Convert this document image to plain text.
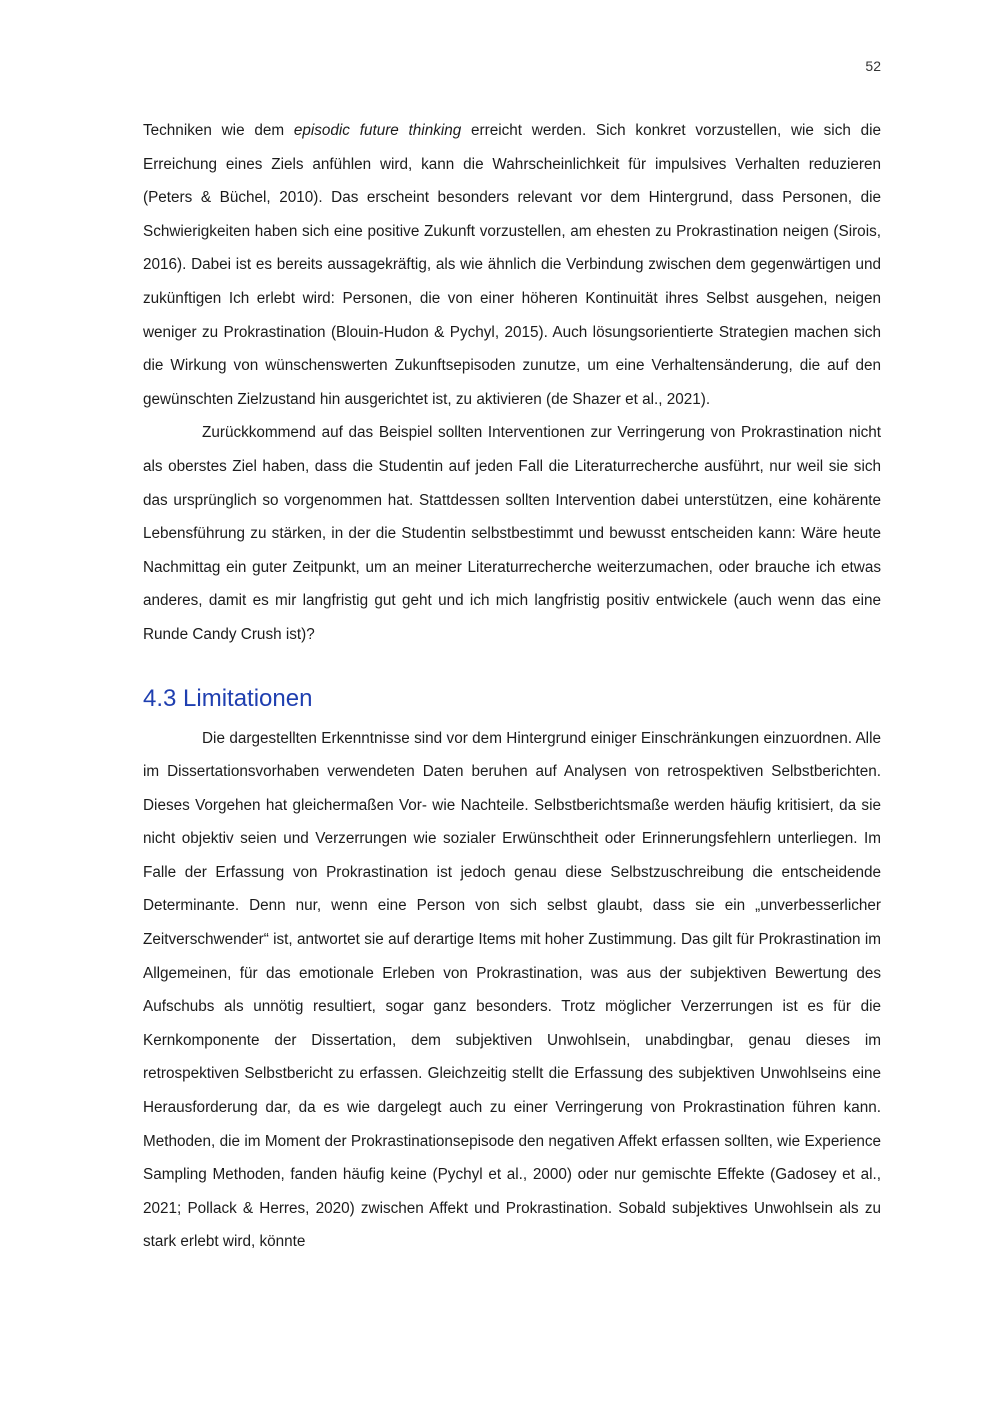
52

Techniken wie dem episodic future thinking erreicht werden. Sich konkret vorzustellen, wie sich die Erreichung eines Ziels anfühlen wird, kann die Wahrscheinlichkeit für impulsives Verhalten reduzieren (Peters & Büchel, 2010). Das erscheint besonders relevant vor dem Hintergrund, dass Personen, die Schwierigkeiten haben sich eine positive Zukunft vorzustellen, am ehesten zu Prokrastination neigen (Sirois, 2016). Dabei ist es bereits aussagekräftig, als wie ähnlich die Verbindung zwischen dem gegenwärtigen und zukünftigen Ich erlebt wird: Personen, die von einer höheren Kontinuität ihres Selbst ausgehen, neigen weniger zu Prokrastination (Blouin-Hudon & Pychyl, 2015). Auch lösungsorientierte Strategien machen sich die Wirkung von wünschenswerten Zukunftsepisoden zunutze, um eine Verhaltensänderung, die auf den gewünschten Zielzustand hin ausgerichtet ist, zu aktivieren (de Shazer et al., 2021).

Zurückkommend auf das Beispiel sollten Interventionen zur Verringerung von Prokrastination nicht als oberstes Ziel haben, dass die Studentin auf jeden Fall die Literaturrecherche ausführt, nur weil sie sich das ursprünglich so vorgenommen hat. Stattdessen sollten Intervention dabei unterstützen, eine kohärente Lebensführung zu stärken, in der die Studentin selbstbestimmt und bewusst entscheiden kann: Wäre heute Nachmittag ein guter Zeitpunkt, um an meiner Literaturrecherche weiterzumachen, oder brauche ich etwas anderes, damit es mir langfristig gut geht und ich mich langfristig positiv entwickele (auch wenn das eine Runde Candy Crush ist)?

4.3 Limitationen

Die dargestellten Erkenntnisse sind vor dem Hintergrund einiger Einschränkungen einzuordnen. Alle im Dissertationsvorhaben verwendeten Daten beruhen auf Analysen von retrospektiven Selbstberichten. Dieses Vorgehen hat gleichermaßen Vor- wie Nachteile. Selbstberichtsmaße werden häufig kritisiert, da sie nicht objektiv seien und Verzerrungen wie sozialer Erwünschtheit oder Erinnerungsfehlern unterliegen. Im Falle der Erfassung von Prokrastination ist jedoch genau diese Selbstzuschreibung die entscheidende Determinante. Denn nur, wenn eine Person von sich selbst glaubt, dass sie ein „unverbesserlicher Zeitverschwender“ ist, antwortet sie auf derartige Items mit hoher Zustimmung. Das gilt für Prokrastination im Allgemeinen, für das emotionale Erleben von Prokrastination, was aus der subjektiven Bewertung des Aufschubs als unnötig resultiert, sogar ganz besonders. Trotz möglicher Verzerrungen ist es für die Kernkomponente der Dissertation, dem subjektiven Unwohlsein, unabdingbar, genau dieses im retrospektiven Selbstbericht zu erfassen. Gleichzeitig stellt die Erfassung des subjektiven Unwohlseins eine Herausforderung dar, da es wie dargelegt auch zu einer Verringerung von Prokrastination führen kann. Methoden, die im Moment der Prokrastinationsepisode den negativen Affekt erfassen sollten, wie Experience Sampling Methoden, fanden häufig keine (Pychyl et al., 2000) oder nur gemischte Effekte (Gadosey et al., 2021; Pollack & Herres, 2020) zwischen Affekt und Prokrastination. Sobald subjektives Unwohlsein als zu stark erlebt wird, könnte
